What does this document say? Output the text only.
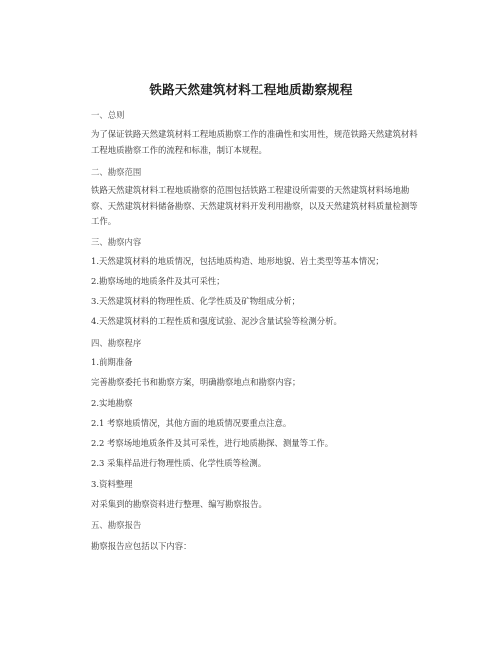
铁路天然建筑材料工程地质勘察规程
一、总则
为了保证铁路天然建筑材料工程地质勘察工作的准确性和实用性，规范铁路天然建筑材料工程地质勘察工作的流程和标准，制订本规程。
二、勘察范围
铁路天然建筑材料工程地质勘察的范围包括铁路工程建设所需要的天然建筑材料场地勘察、天然建筑材料储备勘察、天然建筑材料开发利用勘察，以及天然建筑材料质量检测等工作。
三、勘察内容
1.天然建筑材料的地质情况，包括地质构造、地形地貌、岩土类型等基本情况；
2.勘察场地的地质条件及其可采性；
3.天然建筑材料的物理性质、化学性质及矿物组成分析；
4.天然建筑材料的工程性质和强度试验、泥沙含量试验等检测分析。
四、勘察程序
1.前期准备
完善勘察委托书和勘察方案，明确勘察地点和勘察内容；
2.实地勘察
2.1 考察地质情况，其他方面的地质情况要重点注意。
2.2 考察场地地质条件及其可采性，进行地质勘探、测量等工作。
2.3 采集样品进行物理性质、化学性质等检测。
3.资料整理
对采集到的勘察资料进行整理、编写勘察报告。
五、勘察报告
勘察报告应包括以下内容：
